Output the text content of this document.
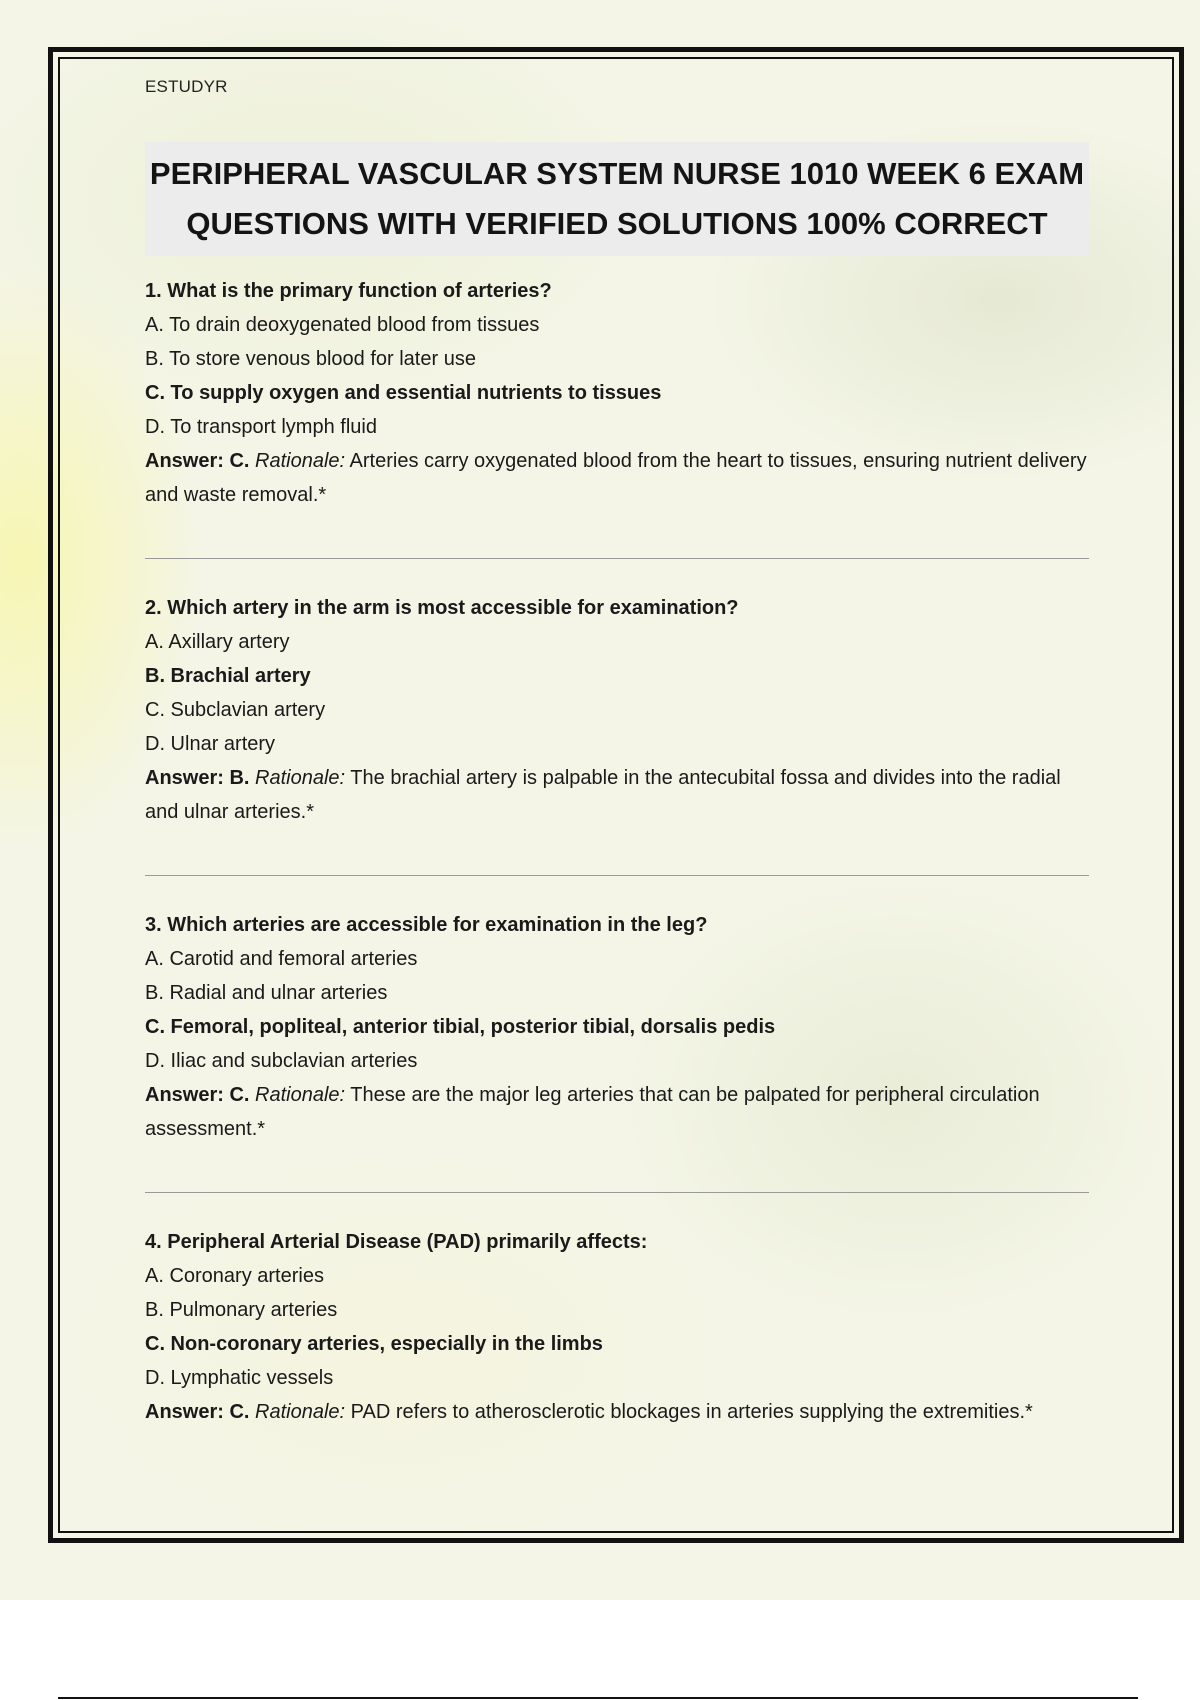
ESTUDYR
PERIPHERAL VASCULAR SYSTEM NURSE 1010 WEEK 6 EXAM
QUESTIONS WITH VERIFIED SOLUTIONS 100% CORRECT
1. What is the primary function of arteries?
A. To drain deoxygenated blood from tissues
B. To store venous blood for later use
C. To supply oxygen and essential nutrients to tissues
D. To transport lymph fluid
Answer: C. Rationale: Arteries carry oxygenated blood from the heart to tissues, ensuring nutrient delivery and waste removal.*
2. Which artery in the arm is most accessible for examination?
A. Axillary artery
B. Brachial artery
C. Subclavian artery
D. Ulnar artery
Answer: B. Rationale: The brachial artery is palpable in the antecubital fossa and divides into the radial and ulnar arteries.*
3. Which arteries are accessible for examination in the leg?
A. Carotid and femoral arteries
B. Radial and ulnar arteries
C. Femoral, popliteal, anterior tibial, posterior tibial, dorsalis pedis
D. Iliac and subclavian arteries
Answer: C. Rationale: These are the major leg arteries that can be palpated for peripheral circulation assessment.*
4. Peripheral Arterial Disease (PAD) primarily affects:
A. Coronary arteries
B. Pulmonary arteries
C. Non-coronary arteries, especially in the limbs
D. Lymphatic vessels
Answer: C. Rationale: PAD refers to atherosclerotic blockages in arteries supplying the extremities.*
